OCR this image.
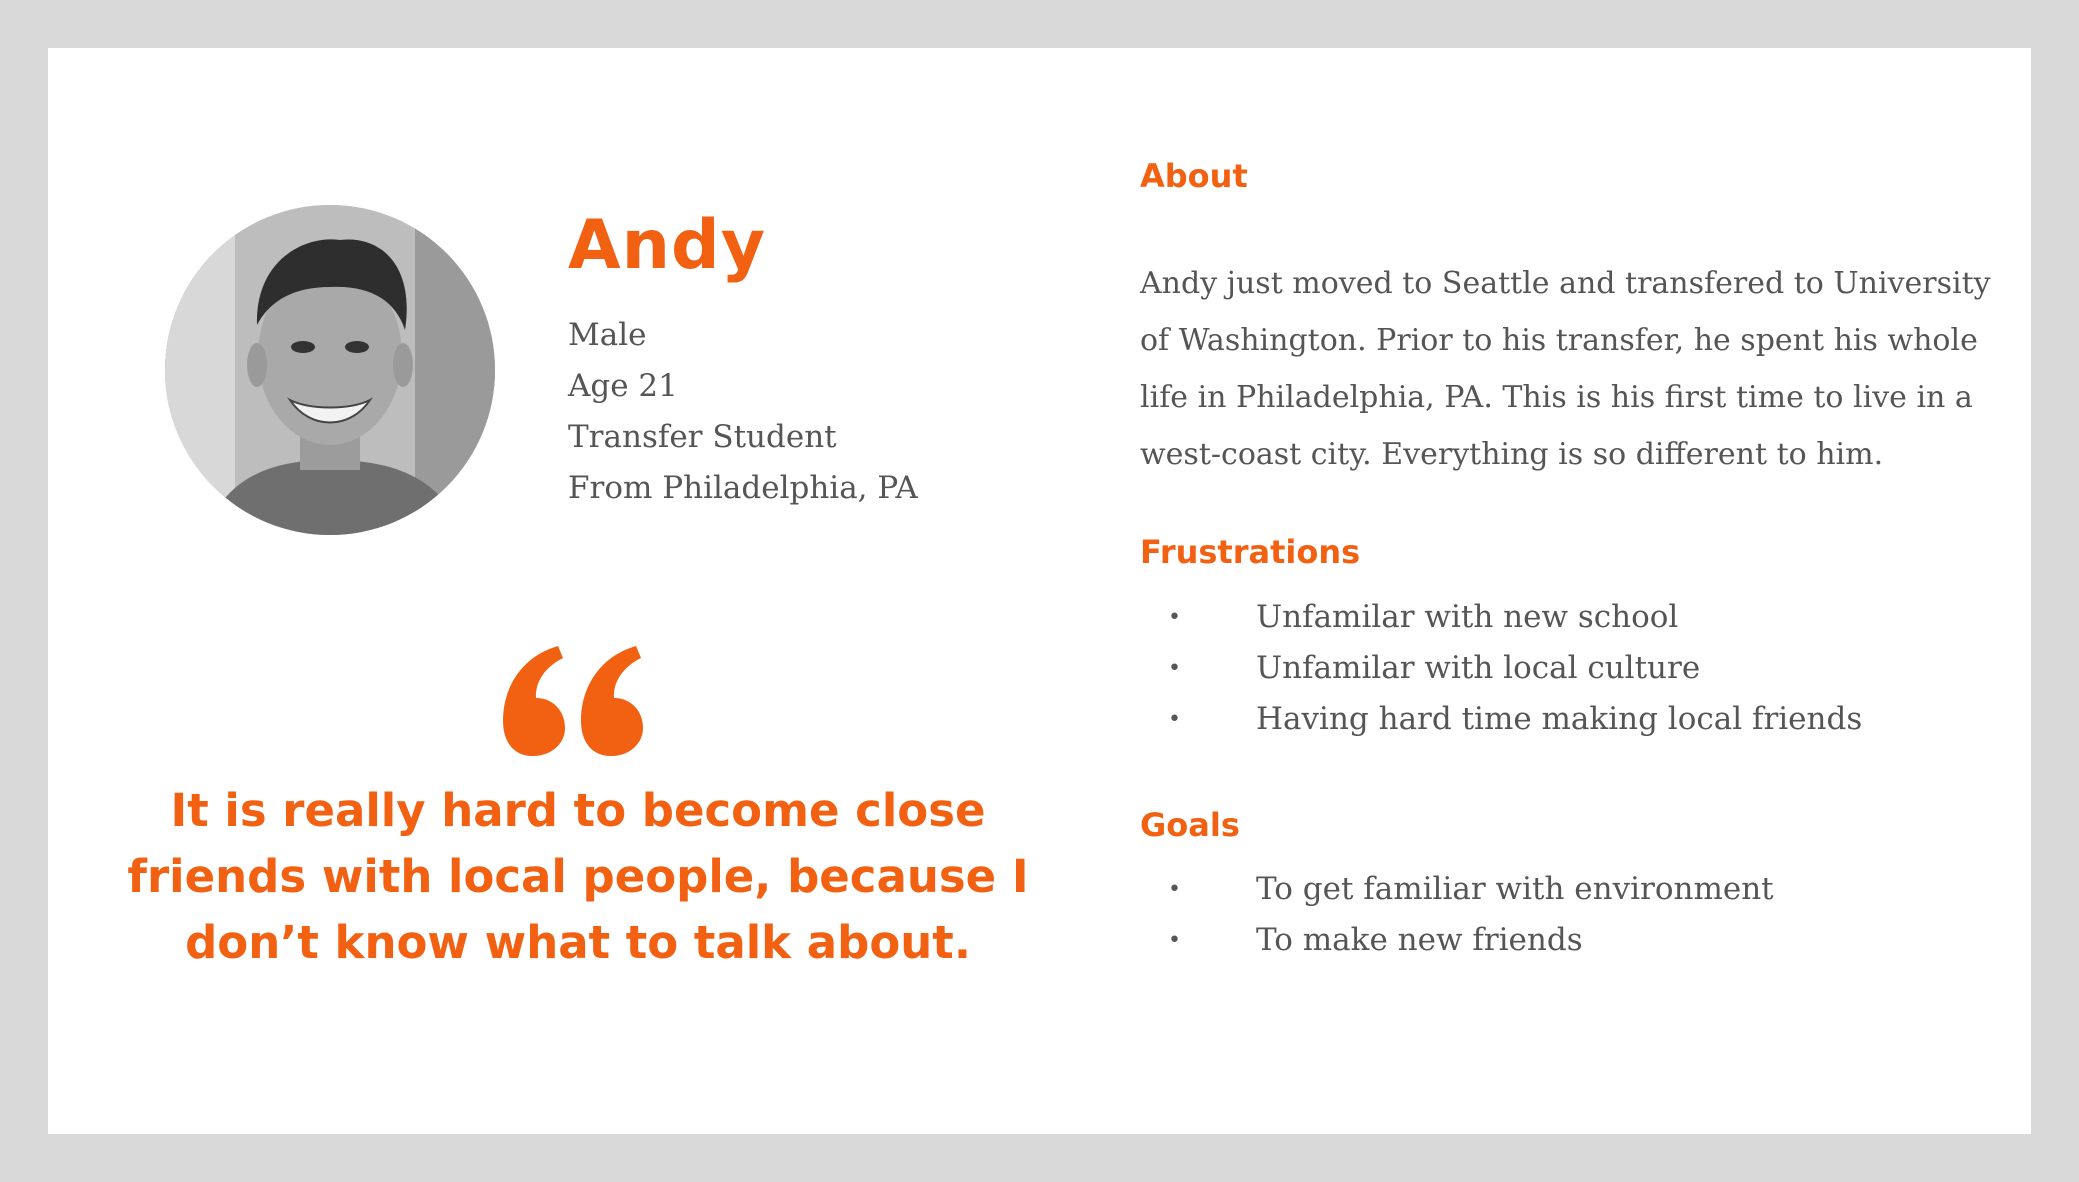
Andy
Male
Age 21
Transfer Student
From Philadelphia, PA

It is really hard to become close friends with local people, because I don’t know what to talk about.

About

Andy just moved to Seattle and transfered to University of Washington. Prior to his transfer, he spent his whole life in Philadelphia, PA. This is his first time to live in a west-coast city. Everything is so different to him.

Frustrations
• Unfamilar with new school
• Unfamilar with local culture
• Having hard time making local friends
Goals
• To get familiar with environment
• To make new friends
